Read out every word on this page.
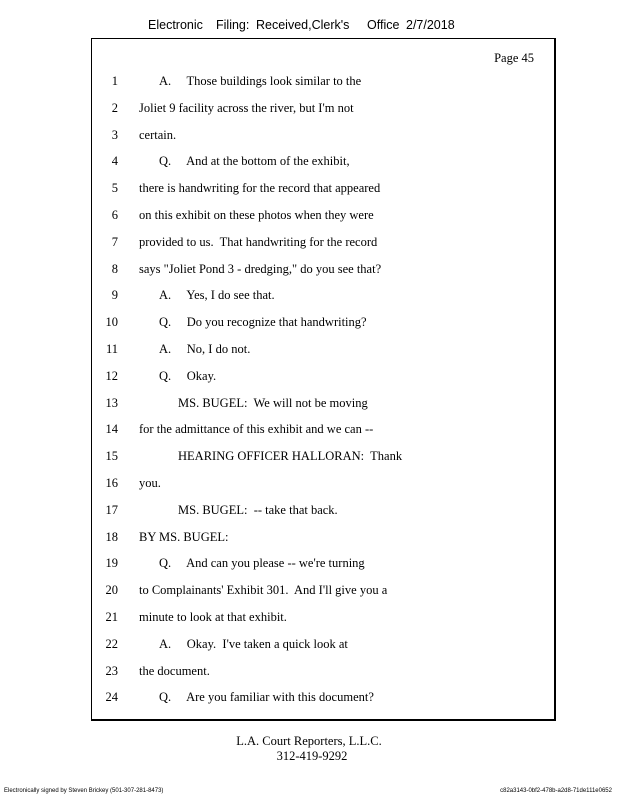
Electronic Filing: Received,Clerk's Office 2/7/2018
Page 45
1	A.     Those buildings look similar to the
2 Joliet 9 facility across the river, but I'm not
3 certain.
4	Q.     And at the bottom of the exhibit,
5 there is handwriting for the record that appeared
6 on this exhibit on these photos when they were
7 provided to us.  That handwriting for the record
8 says "Joliet Pond 3 - dredging," do you see that?
9	A.     Yes, I do see that.
10	Q.     Do you recognize that handwriting?
11	A.     No, I do not.
12	Q.     Okay.
13	MS. BUGEL:  We will not be moving
14 for the admittance of this exhibit and we can --
15	HEARING OFFICER HALLORAN:  Thank
16 you.
17	MS. BUGEL:  -- take that back.
18 BY MS. BUGEL:
19	Q.     And can you please -- we're turning
20 to Complainants' Exhibit 301.  And I'll give you a
21 minute to look at that exhibit.
22	A.     Okay.  I've taken a quick look at
23 the document.
24	Q.     Are you familiar with this document?
L.A. Court Reporters, L.L.C.
312-419-9292
Electronically signed by Steven Brickey (501-307-281-8473)	c82a3143-0bf2-478b-a2d8-71de111e0652
